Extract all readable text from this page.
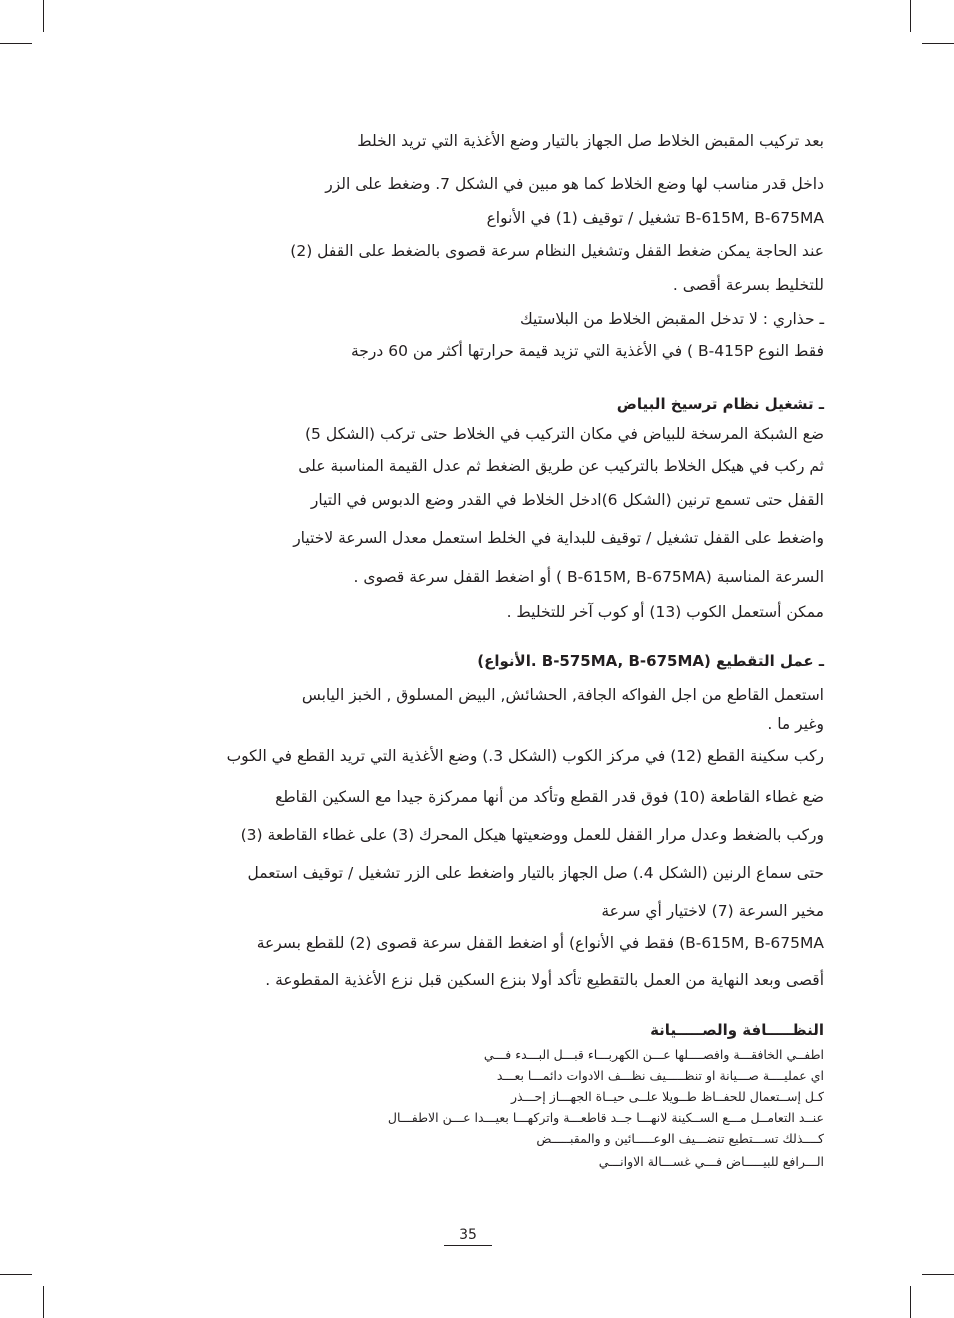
بعد تركيب المقبض الخلاط صل الجهاز بالتيار وضع الأغذية التي تريد الخلط
داخل قدر مناسب لها وضع الخلاط كما هو مبين في الشكل 7. وضغط على الزر
B-615M, B-675MA تشغيل / توقيف (1) في الأنواع
عند الحاجة يمكن ضغط القفل وتشغيل النظام سرعة قصوى بالضغط على القفل (2)
للتخليط بسرعة أقصى .
ـ حذاري : لا تدخل المقبض الخلاط من البلاستيك
فقط النوع B-415P ) في الأغذية التي تزيد قيمة حرارتها أكثر من 60 درجة
ـ تشغيل نظام ترسيخ البياض
ضع الشبكة المرسخة للبياض في مكان التركيب في الخلاط حتى تركب (الشكل 5)
ثم ركب في هيكل الخلاط بالتركيب عن طريق الضغط ثم عدل القيمة المناسبة على
القفل حتى تسمع ترنين (الشكل 6)ادخل الخلاط في القدر وضع الدبوس في التيار
واضغط على القفل تشغيل / توقيف للبداية في الخلط استعمل معدل السرعة لاختيار
السرعة المناسبة (B-615M, B-675MA ) أو اضغط القفل سرعة قصوى .
ممكن أستعمل الكوب (13) أو كوب آخر للتخليط .
ـ عمل التقطيع (B-575MA, B-675MA .الأنواع)
استعمل القاطع من اجل الفواكه الجافة, الحشائش, البيض المسلوق , الخبز اليابس
وغير ما .
ركب سكينة القطع (12) في مركز الكوب (الشكل 3.) وضع الأغذية التي تريد القطع في الكوب
ضع غطاء القاطعة (10) فوق قدر القطع وتأكد من أنها ممركزة جيدا مع السكين القاطع
وركب بالضغط وعدل مرار القفل للعمل ووضعيتها هيكل المحرك (3) على غطاء القاطعة (3)
حتى سماع الرنين (الشكل 4.) صل الجهاز بالتيار واضغط على الزر تشغيل / توقيف استعمل
مخير السرعة (7) لاختيار أي سرعة
B-615M, B-675MA) فقط في الأنواع) أو اضغط القفل سرعة قصوى (2) للقطع بسرعة
أقصى وبعد النهاية من العمل بالتقطيع تأكد أولا بنزع السكين قبل نزع الأغذية المقطوعة .
النظـــــافة والصـــــيانة
اطفــي الخافقـــة وافصــــلها عـــن الكهربـــاء قبـــل البـــدء فـــي
اي عمليــــة صـــيانة او تنظـــــيف نظـــف الادوات دائمـــا بعـــد
كـل إســتعمال للحفــاظ طــويلا علــى حيــاة الجهـــاز إحـــذر
عنــد التعامــل مـــع الســكينة لانهـــا جــد قاطعـــة واتركهـــا بعيـــدا عـــن الاطفـــال
كــــذلك تســـتطيع تنضـــيف الوعـــــائين و والمقبـــــض
الـــرافع للبيـــــاض فـــي غســـالة الاوانـــي
35
